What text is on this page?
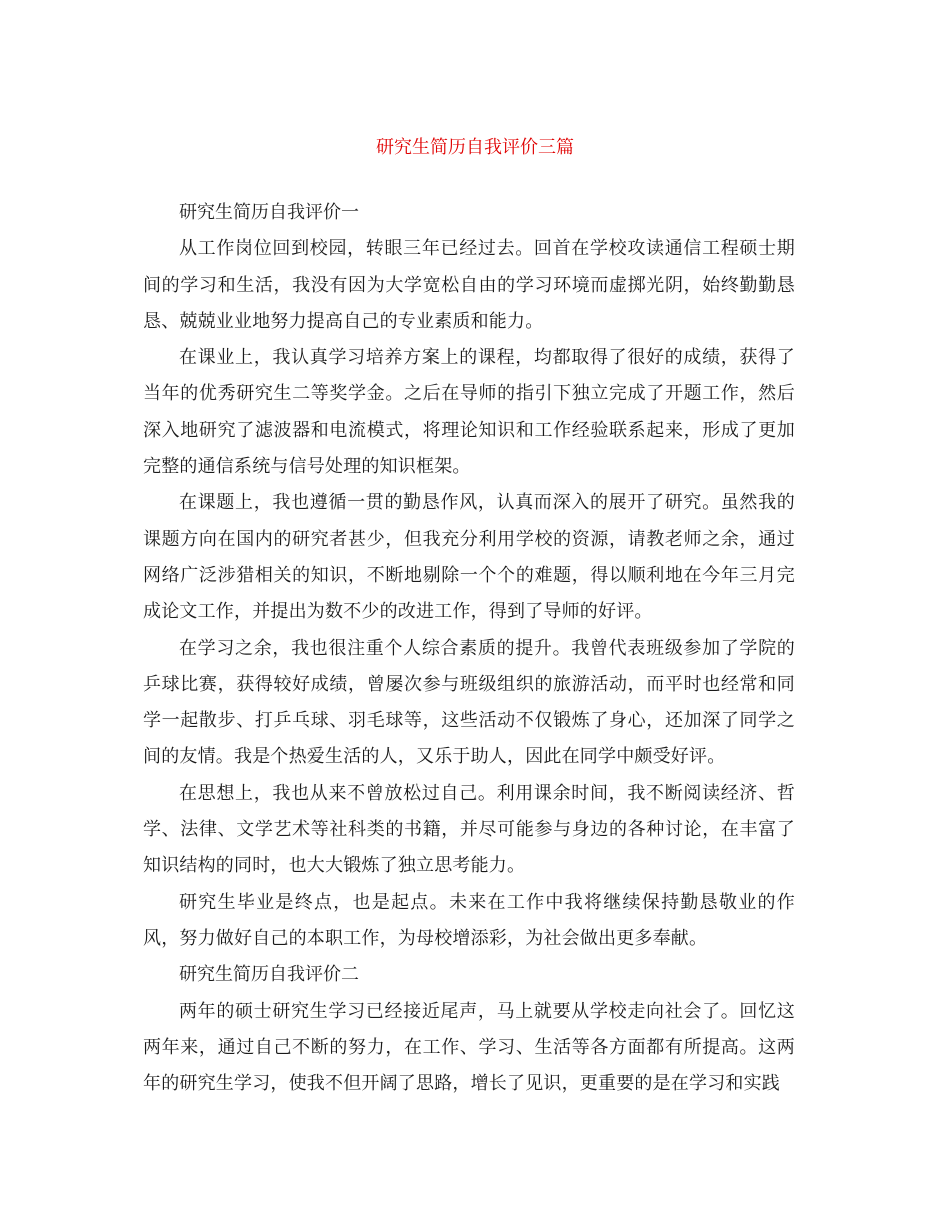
研究生简历自我评价三篇
研究生简历自我评价一

从工作岗位回到校园，转眼三年已经过去。回首在学校攻读通信工程硕士期间的学习和生活，我没有因为大学宽松自由的学习环境而虚掷光阴，始终勤勤恳恳、兢兢业业地努力提高自己的专业素质和能力。

在课业上，我认真学习培养方案上的课程，均都取得了很好的成绩，获得了当年的优秀研究生二等奖学金。之后在导师的指引下独立完成了开题工作，然后深入地研究了滤波器和电流模式，将理论知识和工作经验联系起来，形成了更加完整的通信系统与信号处理的知识框架。

在课题上，我也遵循一贯的勤恳作风，认真而深入的展开了研究。虽然我的课题方向在国内的研究者甚少，但我充分利用学校的资源，请教老师之余，通过网络广泛涉猎相关的知识，不断地剔除一个个的难题，得以顺利地在今年三月完成论文工作，并提出为数不少的改进工作，得到了导师的好评。

在学习之余，我也很注重个人综合素质的提升。我曾代表班级参加了学院的乒球比赛，获得较好成绩，曾屡次参与班级组织的旅游活动，而平时也经常和同学一起散步、打乒乓球、羽毛球等，这些活动不仅锻炼了身心，还加深了同学之间的友情。我是个热爱生活的人，又乐于助人，因此在同学中颇受好评。

在思想上，我也从来不曾放松过自己。利用课余时间，我不断阅读经济、哲学、法律、文学艺术等社科类的书籍，并尽可能参与身边的各种讨论，在丰富了知识结构的同时，也大大锻炼了独立思考能力。

研究生毕业是终点，也是起点。未来在工作中我将继续保持勤恳敬业的作风，努力做好自己的本职工作，为母校增添彩，为社会做出更多奉献。

研究生简历自我评价二

两年的硕士研究生学习已经接近尾声，马上就要从学校走向社会了。回忆这两年来，通过自己不断的努力，在工作、学习、生活等各方面都有所提高。这两年的研究生学习，使我不但开阔了思路，增长了见识，更重要的是在学习和实践
